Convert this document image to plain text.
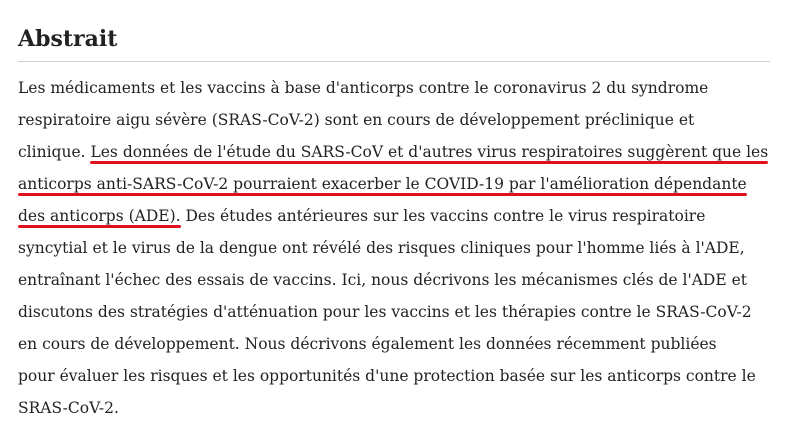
Abstrait
Les médicaments et les vaccins à base d'anticorps contre le coronavirus 2 du syndrome
respiratoire aigu sévère (SRAS-CoV-2) sont en cours de développement préclinique et
clinique. Les données de l'étude du SARS-CoV et d'autres virus respiratoires suggèrent que les
anticorps anti-SARS-CoV-2 pourraient exacerber le COVID-19 par l'amélioration dépendante
des anticorps (ADE).
Des études antérieures sur les vaccins contre le virus respiratoire
syncytial et le virus de la dengue ont révélé des risques cliniques pour l'homme liés à l'ADE,
entraînant l'échec des essais de vaccins. Ici, nous décrivons les mécanismes clés de l'ADE et
discutons des stratégies d'atténuation pour les vaccins et les thérapies contre le SRAS-CoV-2
en cours de développement. Nous décrivons également les données récemment publiées
pour évaluer les risques et les opportunités d'une protection basée sur les anticorps contre le
SRAS-CoV-2.
